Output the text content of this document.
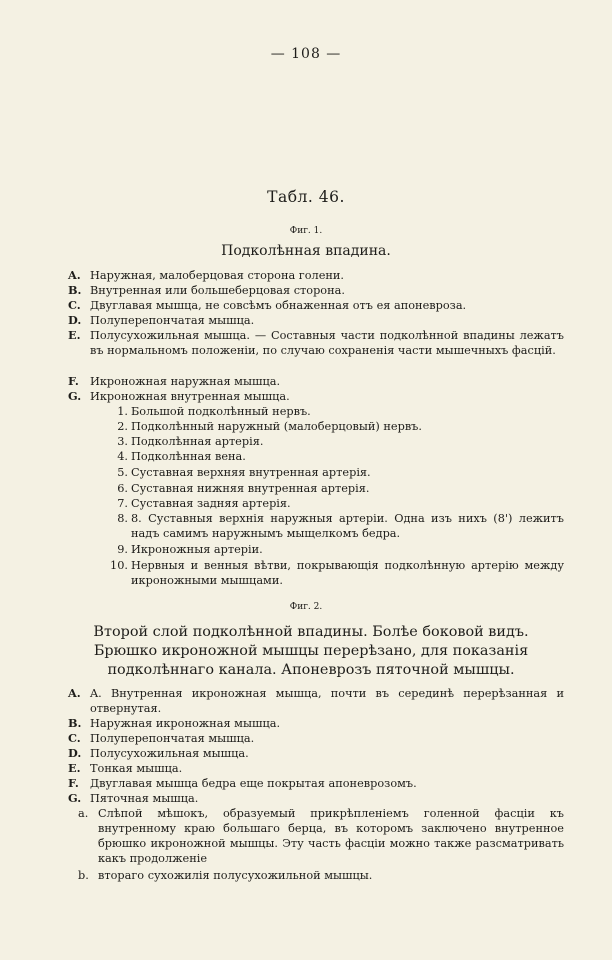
— 108 —
Табл. 46.
Фиг. 1.
Подколѣнная впадина.
A. Наружная, малоберцовая сторона голени.
B. Внутренная или большеберцовая сторона.
C. Двуглавая мышца, не совсѣмъ обнаженная отъ ея апоневроза.
D. Полуперепончатая мышца.
E. Полусухожильная мышца. — Составныя части подколѣнной впадины лежатъ въ нормальномъ положенiи, по случаю сохраненiя части мышечныхъ фасцiй.
F. Икроножная наружная мышца.
G. Икроножная внутренная мышца.
1. Большой подколѣнный нервъ.
2. Подколѣнный наружный (малоберцовый) нервъ.
3. Подколѣнная артерiя.
4. Подколѣнная вена.
5. Суставная верхняя внутренная артерiя.
6. Суставная нижняя внутренная артерiя.
7. Суставная задняя артерiя.
8. 8. Суставныя верхнiя наружныя артерiи. Одна изъ нихъ (8') лежитъ надъ самимъ наружнымъ мыщелкомъ бедра.
9. Икроножныя артерiи.
10. Нервныя и венныя вѣтви, покрывающiя подколѣнную артерiю между икроножными мышцами.
Фиг. 2.
Второй слой подколѣнной впадины. Болѣе боковой видъ. Брюшко икроножной мышцы перерѣзано, для показанiя подколѣннаго канала. Апоневрозъ пяточной мышцы.
A. A. Внутренная икроножная мышца, почти въ серединѣ перерѣзанная и отвернутая.
B. Наружная икроножная мышца.
C. Полуперепончатая мышца.
D. Полусухожильная мышца.
E. Тонкая мышца.
F. Двуглавая мышца бедра еще покрытая апоневрозомъ.
G. Пяточная мышца.
a. Слѣпой мѣшокъ, образуемый прикрѣпленiемъ голенной фасцiи къ внутренному краю большаго берца, въ которомъ заключено внутренное брюшко икроножной мышцы. Эту часть фасцiи можно также разсматривать какъ продолженiе
b. втораго сухожилiя полусухожильной мышцы.
